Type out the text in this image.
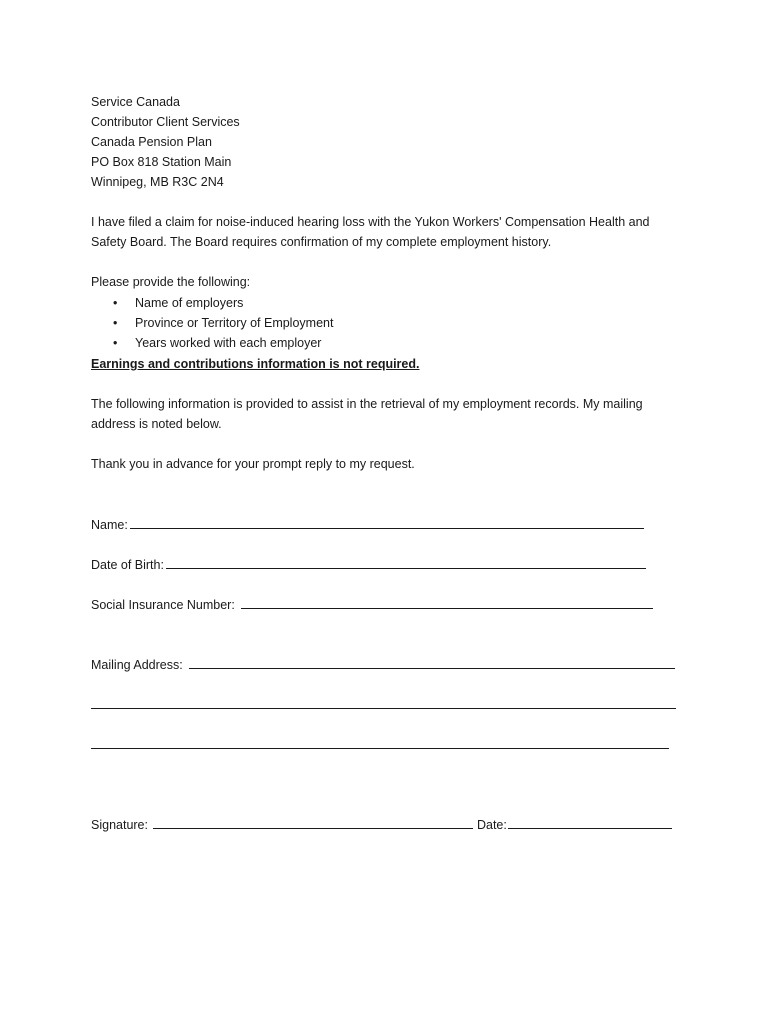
Service Canada
Contributor Client Services
Canada Pension Plan
PO Box 818 Station Main
Winnipeg, MB R3C 2N4
I have filed a claim for noise-induced hearing loss with the Yukon Workers' Compensation Health and
Safety Board. The Board requires confirmation of my complete employment history.
Please provide the following:
• Name of employers
• Province or Territory of Employment
• Years worked with each employer
Earnings and contributions information is not required.
The following information is provided to assist in the retrieval of my employment records. My mailing
address is noted below.
Thank you in advance for your prompt reply to my request.
Name:
Date of Birth:
Social Insurance Number:
Mailing Address:
Signature:	Date:
